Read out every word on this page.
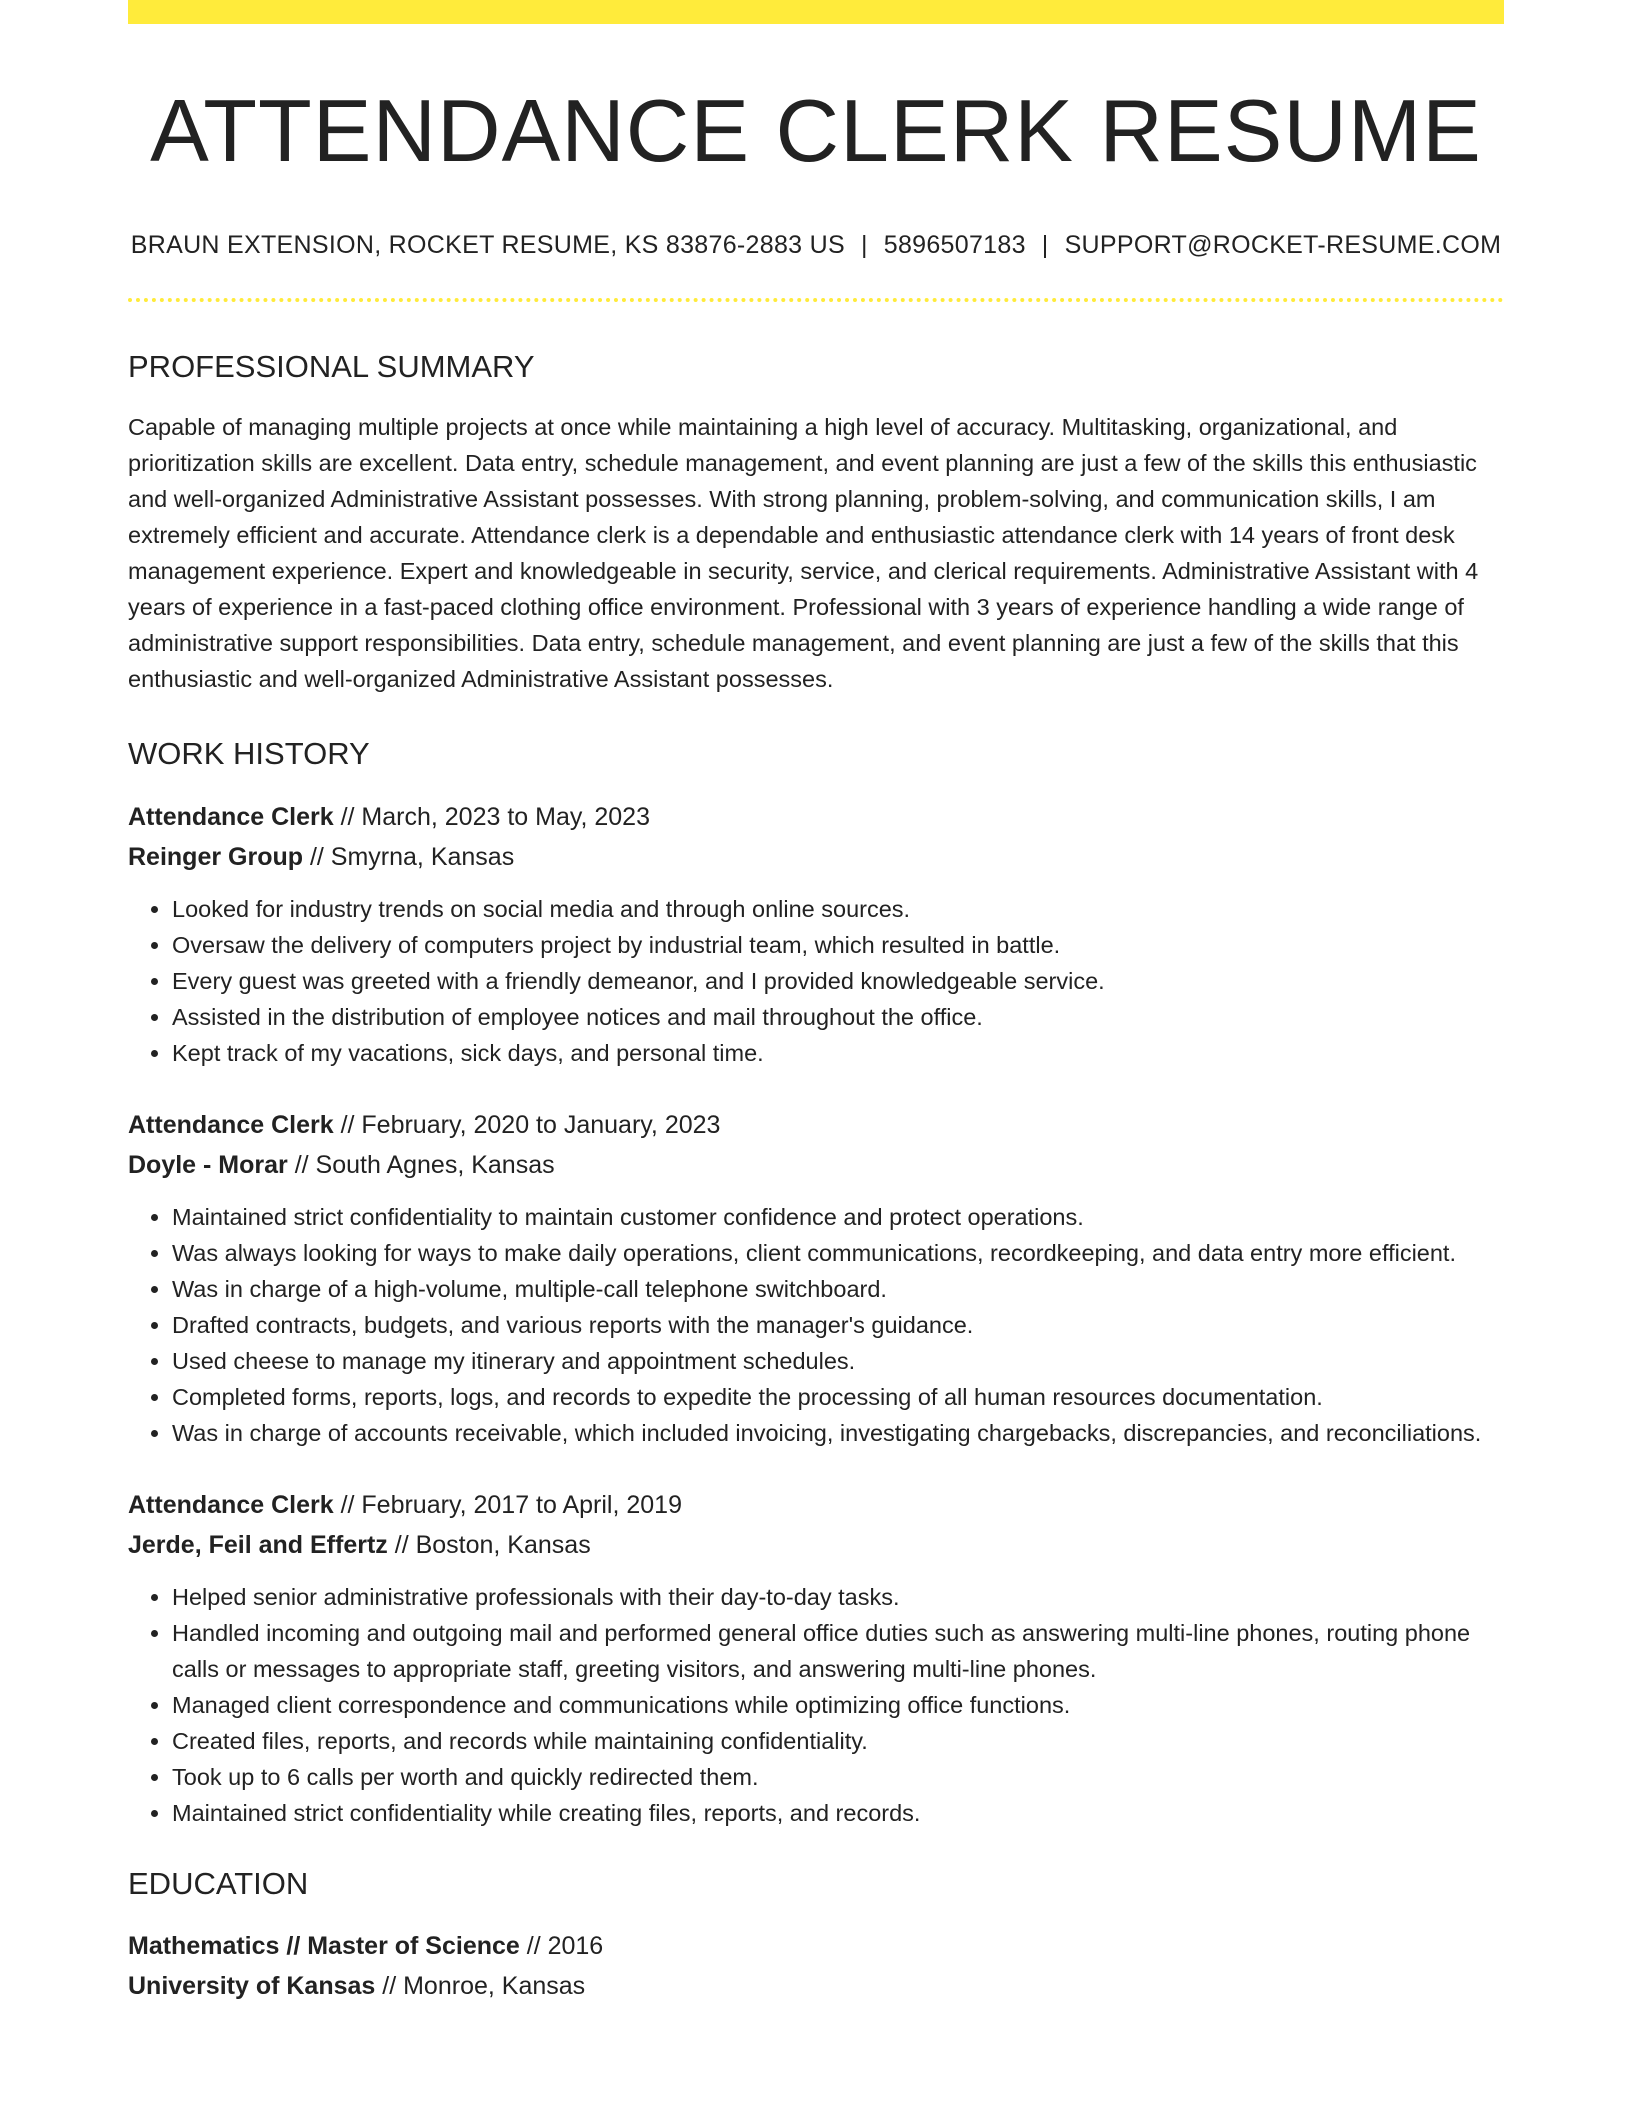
ATTENDANCE CLERK RESUME
BRAUN EXTENSION, ROCKET RESUME, KS 83876-2883 US | 5896507183 | SUPPORT@ROCKET-RESUME.COM
PROFESSIONAL SUMMARY
Capable of managing multiple projects at once while maintaining a high level of accuracy. Multitasking, organizational, and prioritization skills are excellent. Data entry, schedule management, and event planning are just a few of the skills this enthusiastic and well-organized Administrative Assistant possesses. With strong planning, problem-solving, and communication skills, I am extremely efficient and accurate. Attendance clerk is a dependable and enthusiastic attendance clerk with 14 years of front desk management experience. Expert and knowledgeable in security, service, and clerical requirements. Administrative Assistant with 4 years of experience in a fast-paced clothing office environment. Professional with 3 years of experience handling a wide range of administrative support responsibilities. Data entry, schedule management, and event planning are just a few of the skills that this enthusiastic and well-organized Administrative Assistant possesses.
WORK HISTORY
Attendance Clerk // March, 2023 to May, 2023
Reinger Group // Smyrna, Kansas
• Looked for industry trends on social media and through online sources.
• Oversaw the delivery of computers project by industrial team, which resulted in battle.
• Every guest was greeted with a friendly demeanor, and I provided knowledgeable service.
• Assisted in the distribution of employee notices and mail throughout the office.
• Kept track of my vacations, sick days, and personal time.
Attendance Clerk // February, 2020 to January, 2023
Doyle - Morar // South Agnes, Kansas
• Maintained strict confidentiality to maintain customer confidence and protect operations.
• Was always looking for ways to make daily operations, client communications, recordkeeping, and data entry more efficient.
• Was in charge of a high-volume, multiple-call telephone switchboard.
• Drafted contracts, budgets, and various reports with the manager's guidance.
• Used cheese to manage my itinerary and appointment schedules.
• Completed forms, reports, logs, and records to expedite the processing of all human resources documentation.
• Was in charge of accounts receivable, which included invoicing, investigating chargebacks, discrepancies, and reconciliations.
Attendance Clerk // February, 2017 to April, 2019
Jerde, Feil and Effertz // Boston, Kansas
• Helped senior administrative professionals with their day-to-day tasks.
• Handled incoming and outgoing mail and performed general office duties such as answering multi-line phones, routing phone calls or messages to appropriate staff, greeting visitors, and answering multi-line phones.
• Managed client correspondence and communications while optimizing office functions.
• Created files, reports, and records while maintaining confidentiality.
• Took up to 6 calls per worth and quickly redirected them.
• Maintained strict confidentiality while creating files, reports, and records.
EDUCATION
Mathematics // Master of Science // 2016
University of Kansas // Monroe, Kansas
